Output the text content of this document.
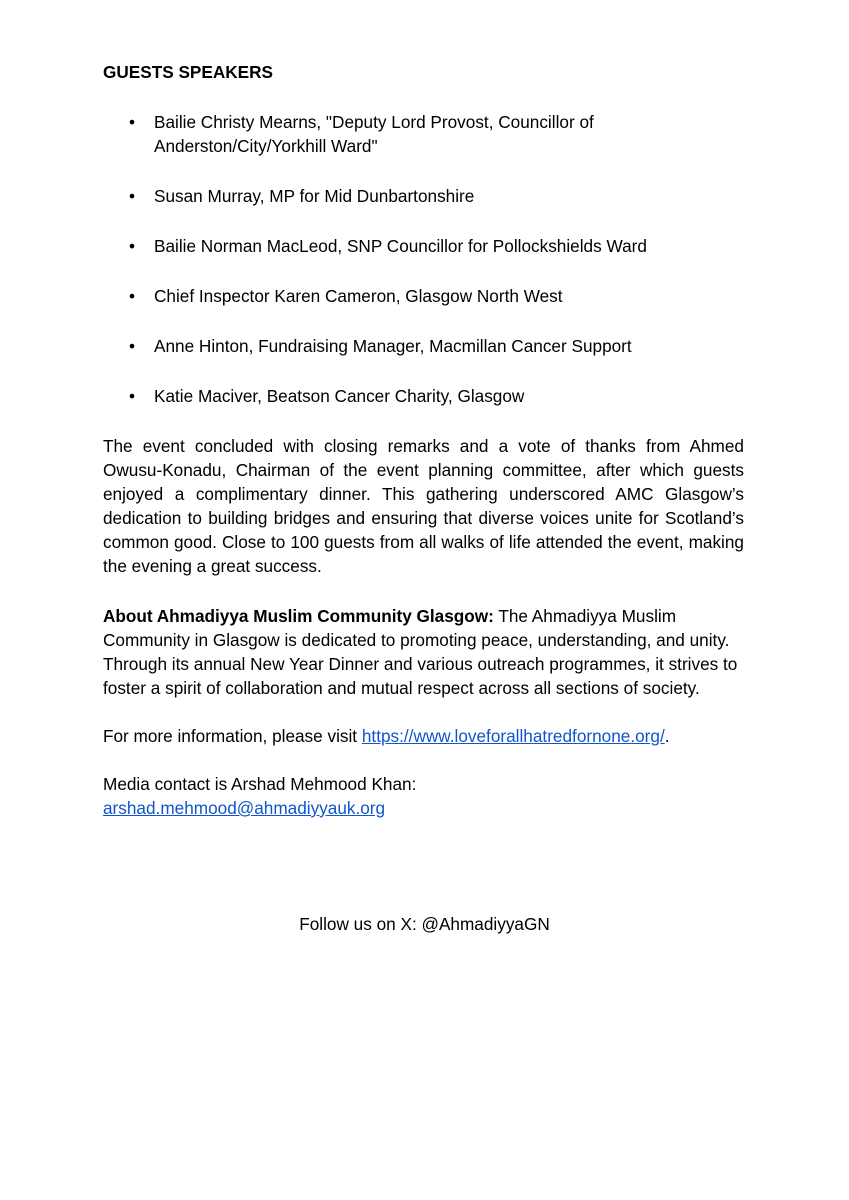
GUESTS SPEAKERS
• Bailie Christy Mearns, "Deputy Lord Provost, Councillor of Anderston/City/Yorkhill Ward"
• Susan Murray, MP for Mid Dunbartonshire
• Bailie Norman MacLeod, SNP Councillor for Pollockshields Ward
• Chief Inspector Karen Cameron, Glasgow North West
• Anne Hinton, Fundraising Manager, Macmillan Cancer Support
• Katie Maciver, Beatson Cancer Charity, Glasgow

The event concluded with closing remarks and a vote of thanks from Ahmed Owusu-Konadu, Chairman of the event planning committee, after which guests enjoyed a complimentary dinner. This gathering underscored AMC Glasgow’s dedication to building bridges and ensuring that diverse voices unite for Scotland’s common good. Close to 100 guests from all walks of life attended the event, making the evening a great success.

About Ahmadiyya Muslim Community Glasgow: The Ahmadiyya Muslim Community in Glasgow is dedicated to promoting peace, understanding, and unity. Through its annual New Year Dinner and various outreach programmes, it strives to foster a spirit of collaboration and mutual respect across all sections of society.

For more information, please visit https://www.loveforallhatredfornone.org/.

Media contact is Arshad Mehmood Khan:
arshad.mehmood@ahmadiyyauk.org

Follow us on X: @AhmadiyyaGN
